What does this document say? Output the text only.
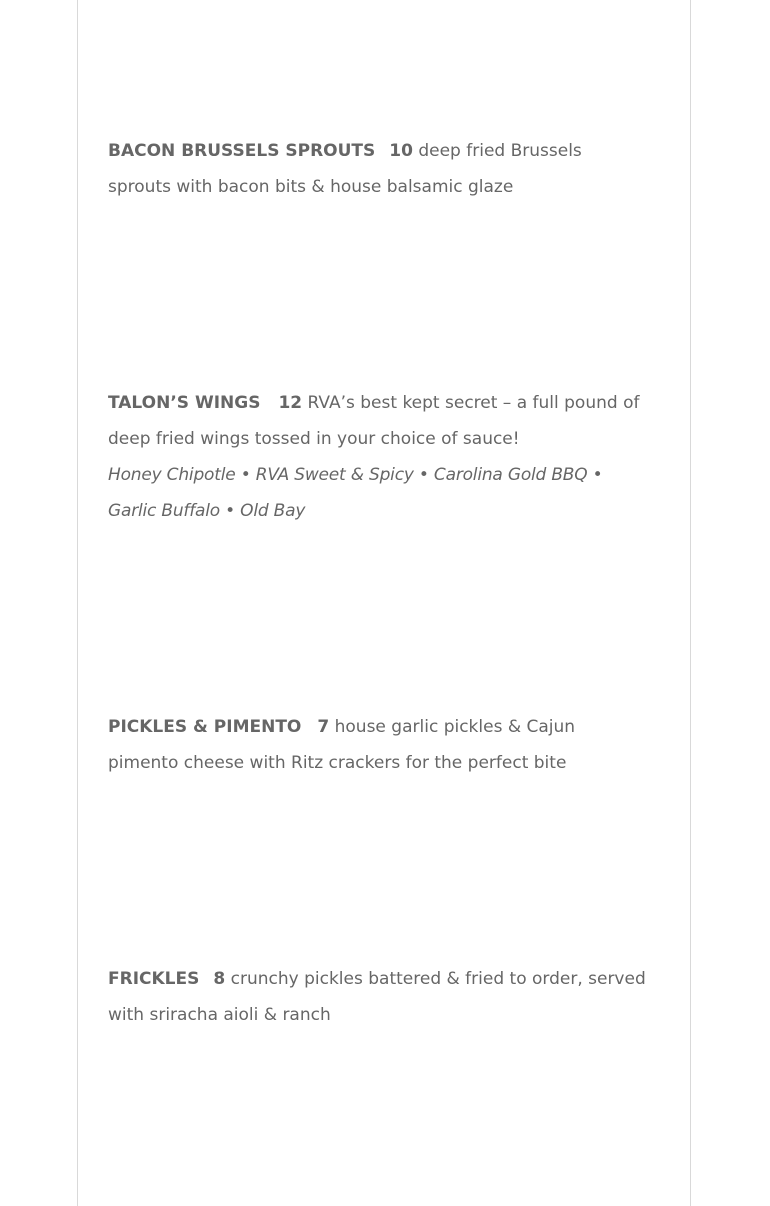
BACON BRUSSELS SPROUTS 10 deep fried Brussels sprouts with bacon bits & house balsamic glaze

TALON’S WINGS 12 RVA’s best kept secret – a full pound of deep fried wings tossed in your choice of sauce!
Honey Chipotle • RVA Sweet & Spicy • Carolina Gold BBQ • Garlic Buffalo • Old Bay

PICKLES & PIMENTO 7 house garlic pickles & Cajun pimento cheese with Ritz crackers for the perfect bite

FRICKLES 8 crunchy pickles battered & fried to order, served with sriracha aioli & ranch
